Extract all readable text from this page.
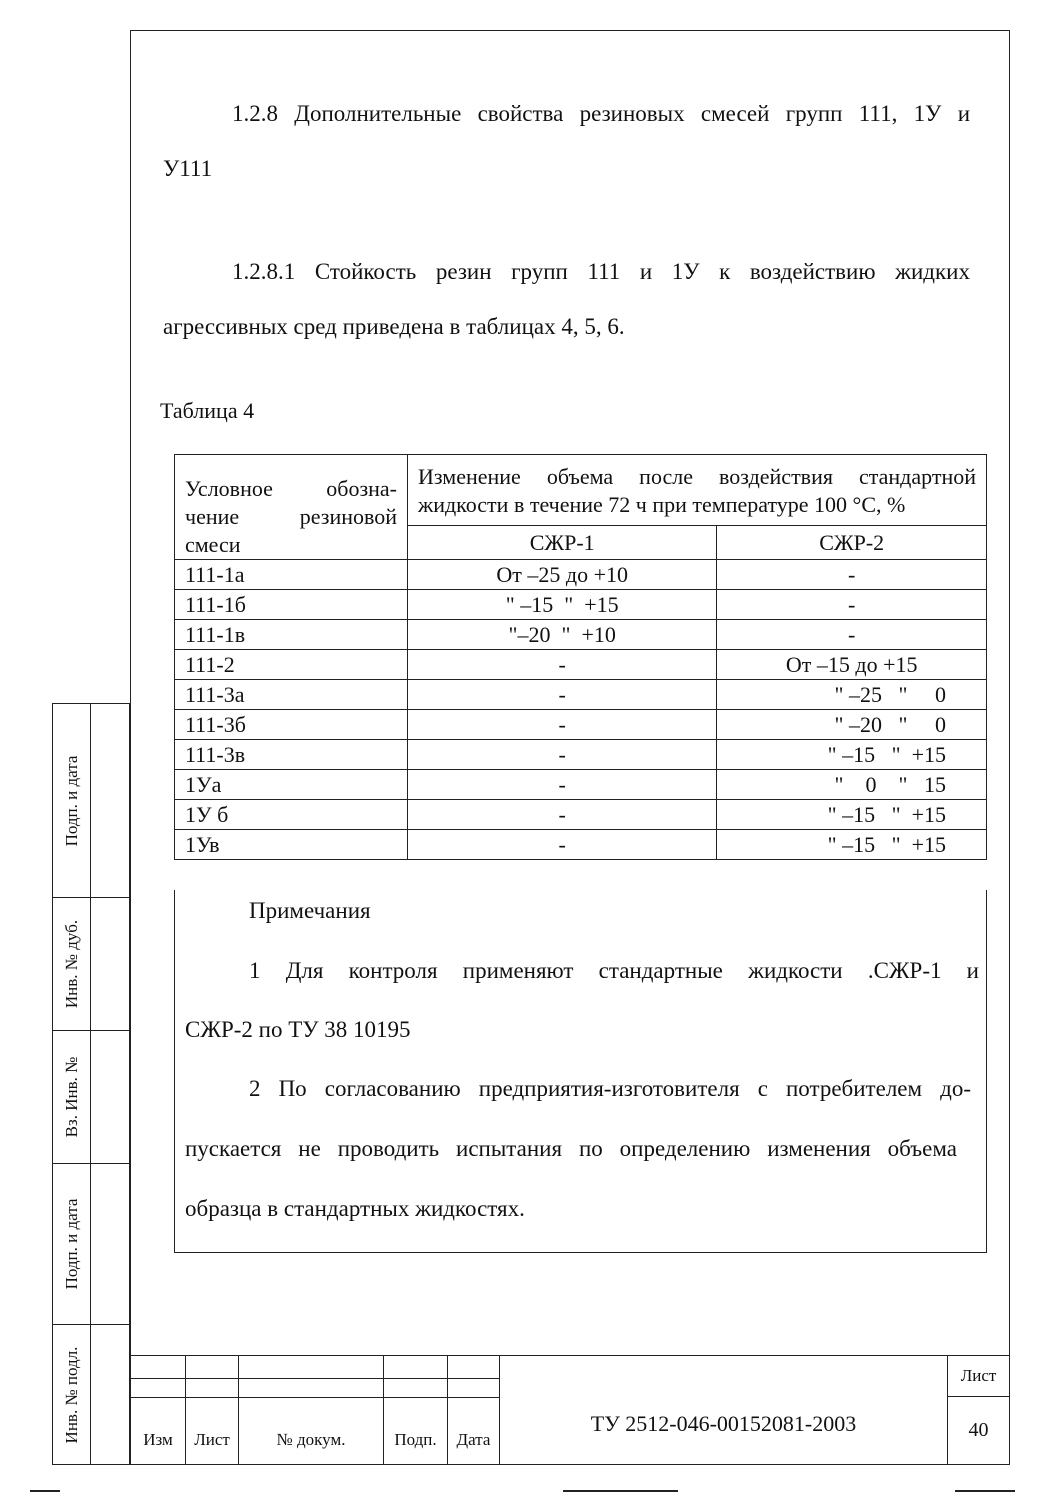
1.2.8 Дополнительные свойства резиновых смесей групп 111, 1У и
У111
1.2.8.1 Стойкость резин групп 111 и 1У к воздействию жидких
агрессивных сред приведена в таблицах 4, 5, 6.
Таблица 4
Условное обозна- чение резиновой смеси	Изменение объема после воздействия стандартной жидкости в течение 72 ч при температуре 100 °С, %	

	СЖР-1	СЖР-2
111-1а	От –25 до +10	-
111-1б	" –15  "  +15	-
111-1в	"–20  "  +10	-
111-2	-	От –15 до +15
111-3а	-	" –25   "     0
111-3б	-	" –20   "     0
111-3в	-	" –15   "  +15
1Уа	-	"    0    "   15
1У б	-	" –15   "  +15
1Ув	-	" –15   "  +15
Примечания
1 Для контроля применяют стандартные жидкости .СЖР-1 и
СЖР-2 по ТУ 38 10195
2 По согласованию предприятия-изготовителя с потребителем до-
пускается не проводить испытания по определению изменения объема
образца в стандартных жидкостях.
Подп. и дата
Инв. № дуб.
Вз. Инв. №
Подп. и дата
Инв. № подл.	Изм	Лист	№ докум.	Подп.	Дата
ТУ 2512-046-00152081-2003
Лист
40
